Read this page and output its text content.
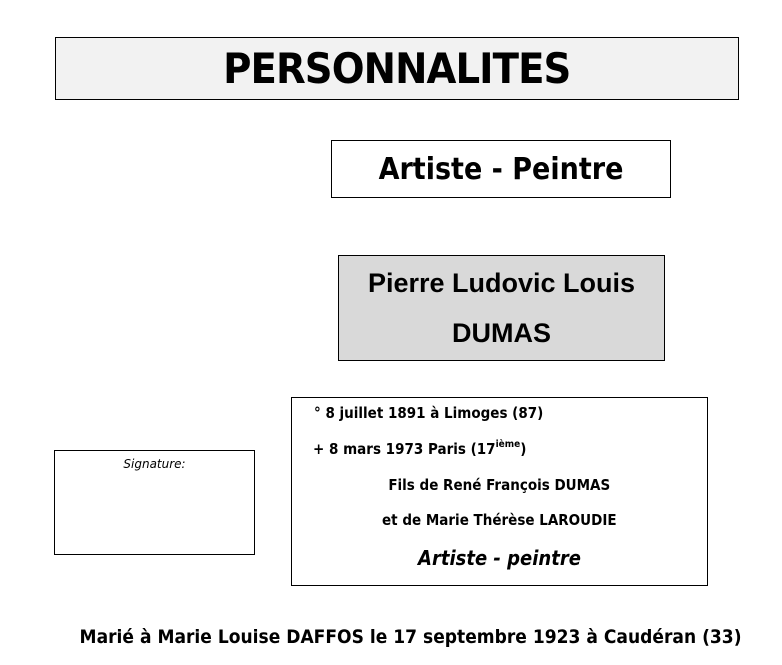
PERSONNALITES
Artiste - Peintre
Pierre Ludovic Louis
DUMAS
° 8 juillet 1891 à Limoges (87)
+ 8 mars 1973 Paris (17ième)
Fils de René François DUMAS
et de Marie Thérèse LAROUDIE
Artiste - peintre
Signature:
Marié à Marie Louise DAFFOS le 17 septembre 1923 à Caudéran (33)
